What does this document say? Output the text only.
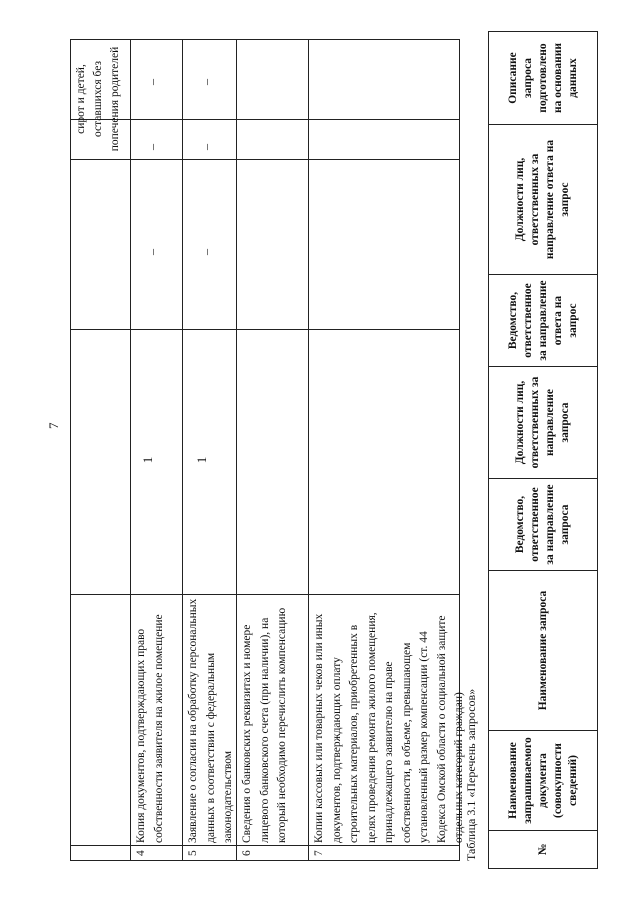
7
сирот и детей, оставшихся без попечения родителей
4
Копия документов, подтверждающих право собственности заявителя на жилое помещение
1
–
–
–
5
Заявление о согласии на обработку персональных данных в соответствии с федеральным законодательством
1
–
–
–
6
Сведения о банковских реквизитах и номере лицевого банковского счета (при наличии), на который необходимо перечислить компенсацию
7
Копии кассовых или товарных чеков или иных документов, подтверждающих оплату строительных материалов, приобретенных в целях проведения ремонта жилого помещения, принадлежащего заявителю на праве собственности, в объеме, превышающем установленный размер компенсации (ст. 44 Кодекса Омской области о социальной защите отдельных категорий граждан) Таблица 3.1 «Перечень запросов»	№
Наименование запрашиваемого документа (совокупности сведений)
Наименование запроса
Ведомство, ответственное за направление запроса
Должности лиц, ответственных за направление запроса
Ведомство, ответственное за направление ответа на запрос
Должности лиц, ответственных за направление ответа на запрос
Описание запроса подготовлено на основании данных
